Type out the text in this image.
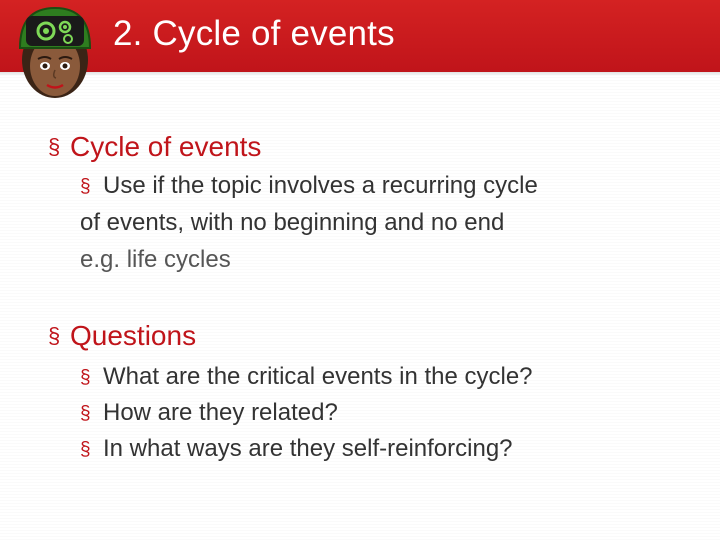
2. Cycle of events
§ Cycle of events
§ Use if the topic involves a recurring cycle
of events, with no beginning and no end
e.g. life cycles
§ Questions
§ What are the critical events in the cycle?
§ How are they related?
§ In what ways are they self-reinforcing?
